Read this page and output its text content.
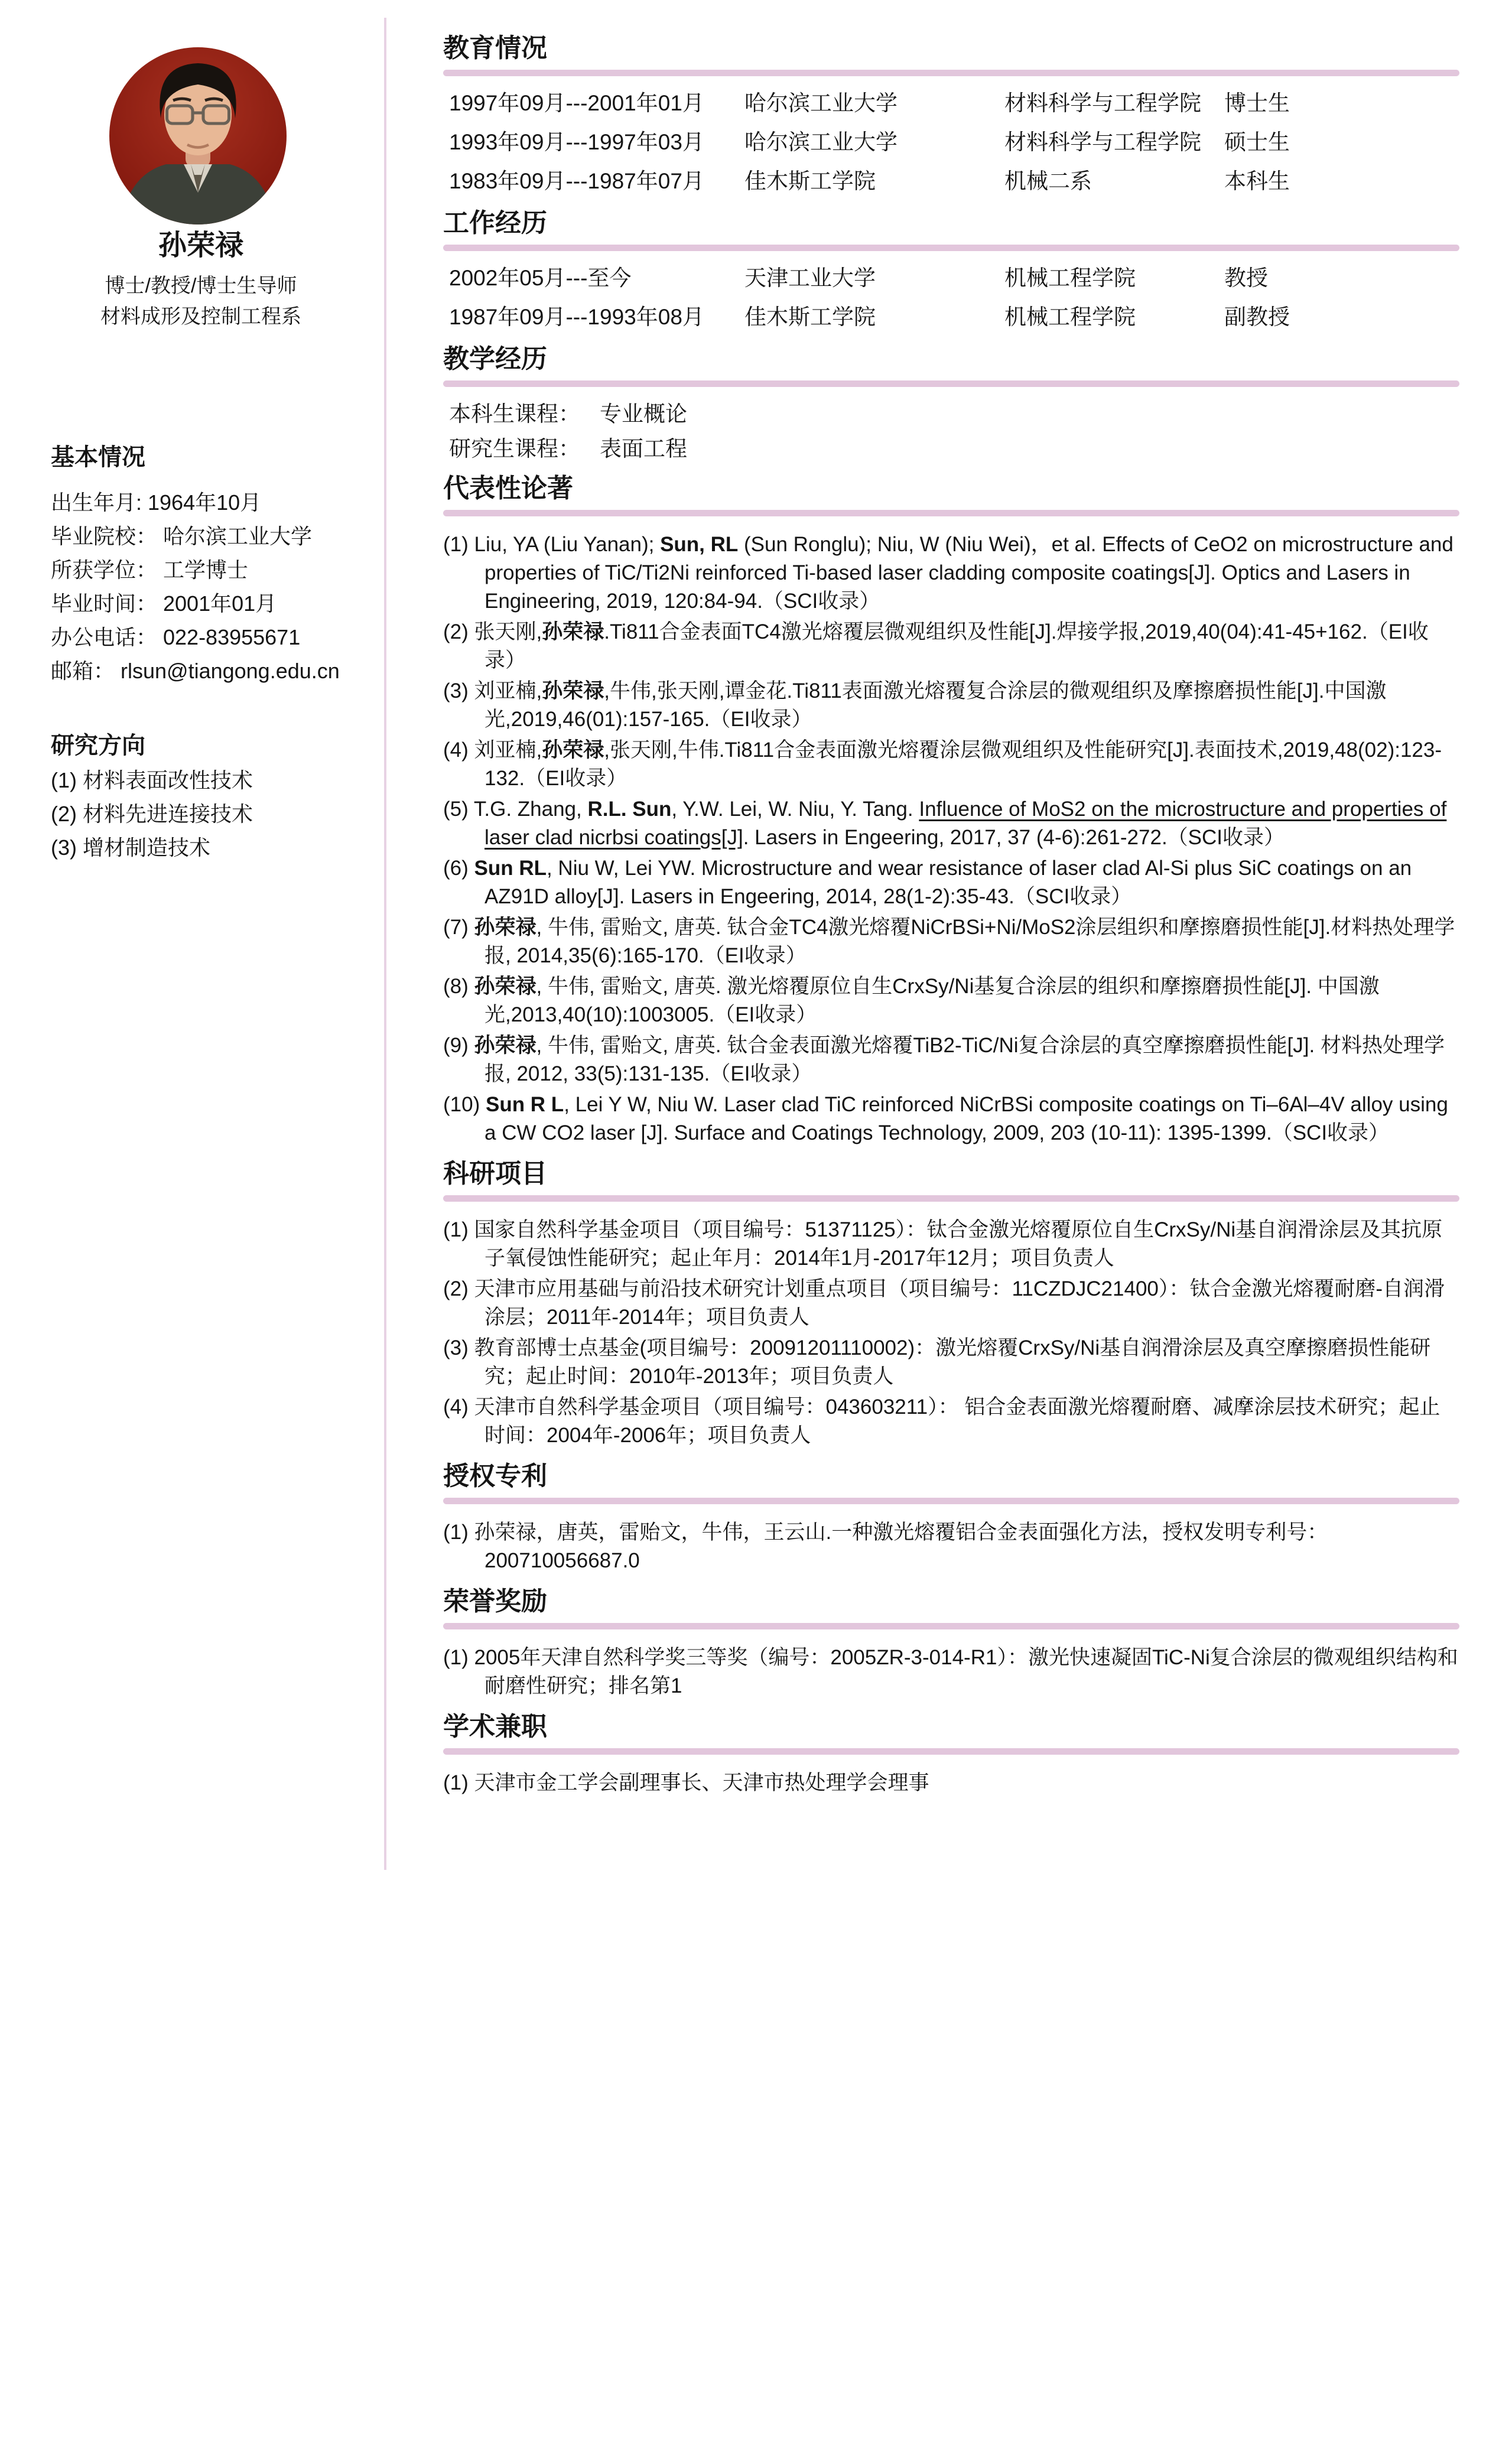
孙荣禄
博士/教授/博士生导师
材料成形及控制工程系
基本情况
出生年月: 1964年10月
毕业院校： 哈尔滨工业大学
所获学位： 工学博士
毕业时间： 2001年01月
办公电话： 022-83955671
邮箱： rlsun@tiangong.edu.cn
研究方向
(1) 材料表面改性技术
(2) 材料先进连接技术
(3) 增材制造技术
教育情况
1997年09月---2001年01月	哈尔滨工业大学	材料科学与工程学院	博士生
1993年09月---1997年03月	哈尔滨工业大学	材料科学与工程学院	硕士生
1983年09月---1987年07月	佳木斯工学院	机械二系	本科生
工作经历
2002年05月---至今	天津工业大学	机械工程学院	教授
1987年09月---1993年08月	佳木斯工学院	机械工程学院	副教授
教学经历
本科生课程： 专业概论
研究生课程： 表面工程
代表性论著
(1) Liu, YA (Liu Yanan); Sun, RL (Sun Ronglu); Niu, W (Niu Wei)，et al. Effects of CeO2 on microstructure and properties of TiC/Ti2Ni reinforced Ti-based laser cladding composite coatings[J]. Optics and Lasers in Engineering, 2019, 120:84-94.（SCI收录）
(2) 张天刚,孙荣禄.Ti811合金表面TC4激光熔覆层微观组织及性能[J].焊接学报,2019,40(04):41-45+162.（EI收录）
(3) 刘亚楠,孙荣禄,牛伟,张天刚,谭金花.Ti811表面激光熔覆复合涂层的微观组织及摩擦磨损性能[J].中国激光,2019,46(01):157-165.（EI收录）
(4) 刘亚楠,孙荣禄,张天刚,牛伟.Ti811合金表面激光熔覆涂层微观组织及性能研究[J].表面技术,2019,48(02):123-132.（EI收录）
(5) T.G. Zhang, R.L. Sun, Y.W. Lei, W. Niu, Y. Tang. Influence of MoS2 on the microstructure and properties of laser clad nicrbsi coatings[J]. Lasers in Engeering, 2017, 37 (4-6):261-272.（SCI收录）
(6) Sun RL, Niu W, Lei YW. Microstructure and wear resistance of laser clad Al-Si plus SiC coatings on an AZ91D alloy[J]. Lasers in Engeering, 2014, 28(1-2):35-43.（SCI收录）
(7) 孙荣禄, 牛伟, 雷贻文, 唐英. 钛合金TC4激光熔覆NiCrBSi+Ni/MoS2涂层组织和摩擦磨损性能[J].材料热处理学报, 2014,35(6):165-170.（EI收录）
(8) 孙荣禄, 牛伟, 雷贻文, 唐英. 激光熔覆原位自生CrxSy/Ni基复合涂层的组织和摩擦磨损性能[J]. 中国激光,2013,40(10):1003005.（EI收录）
(9) 孙荣禄, 牛伟, 雷贻文, 唐英. 钛合金表面激光熔覆TiB2-TiC/Ni复合涂层的真空摩擦磨损性能[J]. 材料热处理学报, 2012, 33(5):131-135.（EI收录）
(10) Sun R L, Lei Y W, Niu W. Laser clad TiC reinforced NiCrBSi composite coatings on Ti–6Al–4V alloy using a CW CO2 laser [J]. Surface and Coatings Technology, 2009, 203 (10-11): 1395-1399.（SCI收录）
科研项目
(1) 国家自然科学基金项目（项目编号：51371125）：钛合金激光熔覆原位自生CrxSy/Ni基自润滑涂层及其抗原子氧侵蚀性能研究；起止年月：2014年1月-2017年12月；项目负责人
(2) 天津市应用基础与前沿技术研究计划重点项目（项目编号：11CZDJC21400）：钛合金激光熔覆耐磨-自润滑涂层；2011年-2014年；项目负责人
(3) 教育部博士点基金(项目编号：20091201110002)：激光熔覆CrxSy/Ni基自润滑涂层及真空摩擦磨损性能研究；起止时间：2010年-2013年；项目负责人
(4) 天津市自然科学基金项目（项目编号：043603211）： 铝合金表面激光熔覆耐磨、减摩涂层技术研究；起止时间：2004年-2006年；项目负责人
授权专利
(1) 孙荣禄，唐英，雷贻文，牛伟，王云山.一种激光熔覆铝合金表面强化方法，授权发明专利号：200710056687.0
荣誉奖励
(1) 2005年天津自然科学奖三等奖（编号：2005ZR-3-014-R1）：激光快速凝固TiC-Ni复合涂层的微观组织结构和耐磨性研究；排名第1
学术兼职
(1) 天津市金工学会副理事长、天津市热处理学会理事
